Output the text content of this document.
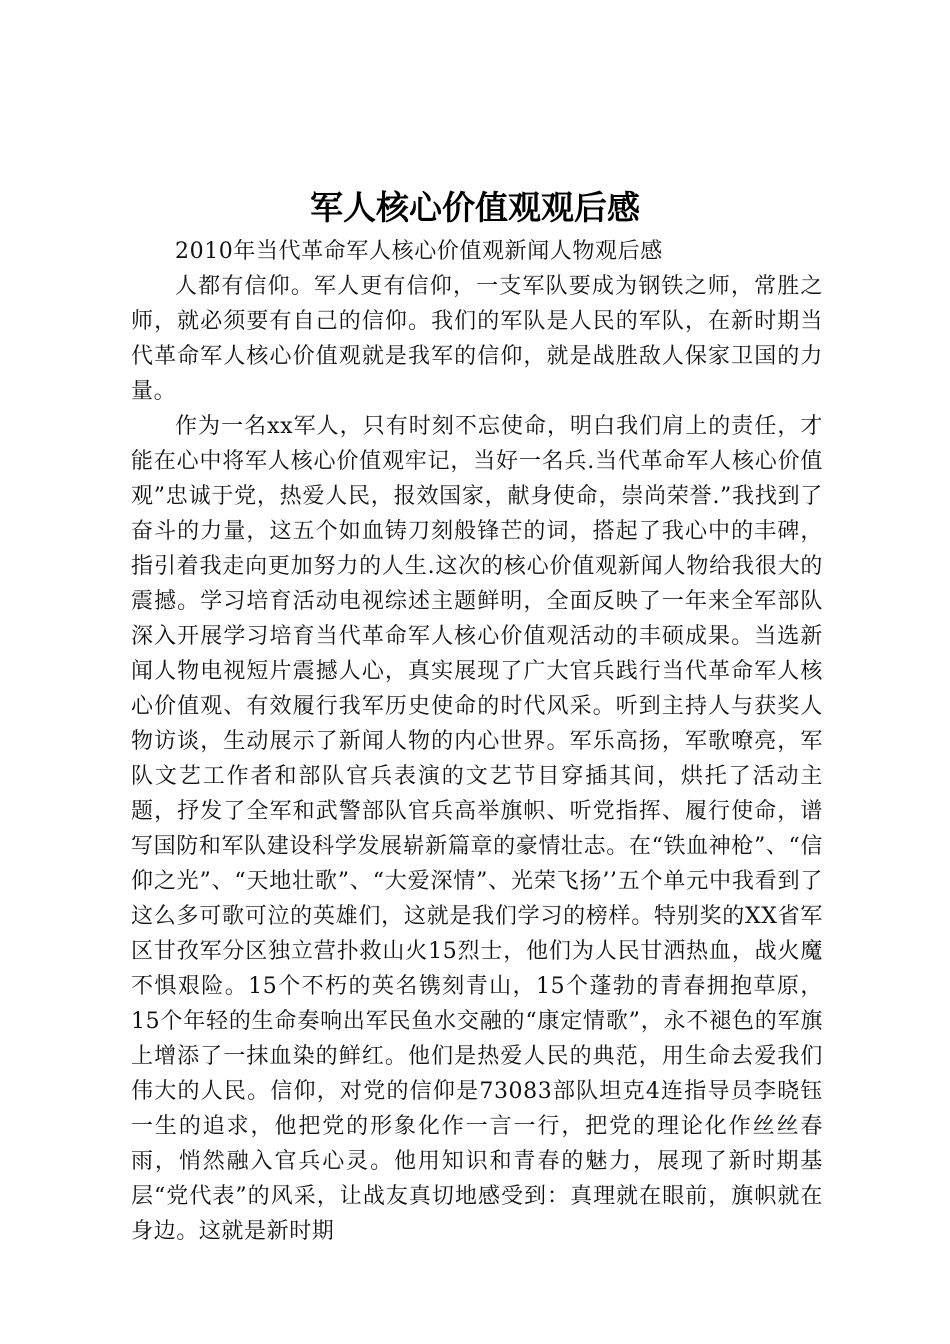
军人核心价值观观后感

2010年当代革命军人核心价值观新闻人物观后感

人都有信仰。军人更有信仰，一支军队要成为钢铁之师，常胜之师，就必须要有自己的信仰。我们的军队是人民的军队，在新时期当代革命军人核心价值观就是我军的信仰，就是战胜敌人保家卫国的力量。

作为一名xx军人，只有时刻不忘使命，明白我们肩上的责任，才能在心中将军人核心价值观牢记，当好一名兵.当代革命军人核心价值观”忠诚于党，热爱人民，报效国家，献身使命，崇尚荣誉.”我找到了奋斗的力量，这五个如血铸刀刻般锋芒的词，搭起了我心中的丰碑，指引着我走向更加努力的人生.这次的核心价值观新闻人物给我很大的震撼。学习培育活动电视综述主题鲜明，全面反映了一年来全军部队深入开展学习培育当代革命军人核心价值观活动的丰硕成果。当选新闻人物电视短片震撼人心，真实展现了广大官兵践行当代革命军人核心价值观、有效履行我军历史使命的时代风采。听到主持人与获奖人物访谈，生动展示了新闻人物的内心世界。军乐高扬，军歌嘹亮，军队文艺工作者和部队官兵表演的文艺节目穿插其间，烘托了活动主题，抒发了全军和武警部队官兵高举旗帜、听党指挥、履行使命，谱写国防和军队建设科学发展崭新篇章的豪情壮志。在“铁血神枪”、“信仰之光”、“天地壮歌”、“大爱深情”、光荣飞扬’’五个单元中我看到了这么多可歌可泣的英雄们，这就是我们学习的榜样。特别奖的XX省军区甘孜军分区独立营扑救山火15烈士，他们为人民甘洒热血，战火魔不惧艰险。15个不朽的英名镌刻青山，15个蓬勃的青春拥抱草原，15个年轻的生命奏响出军民鱼水交融的“康定情歌”，永不褪色的军旗上增添了一抹血染的鲜红。他们是热爱人民的典范，用生命去爱我们伟大的人民。信仰，对党的信仰是73083部队坦克4连指导员李晓钰一生的追求，他把党的形象化作一言一行，把党的理论化作丝丝春雨，悄然融入官兵心灵。他用知识和青春的魅力，展现了新时期基层“党代表”的风采，让战友真切地感受到：真理就在眼前，旗帜就在身边。这就是新时期
